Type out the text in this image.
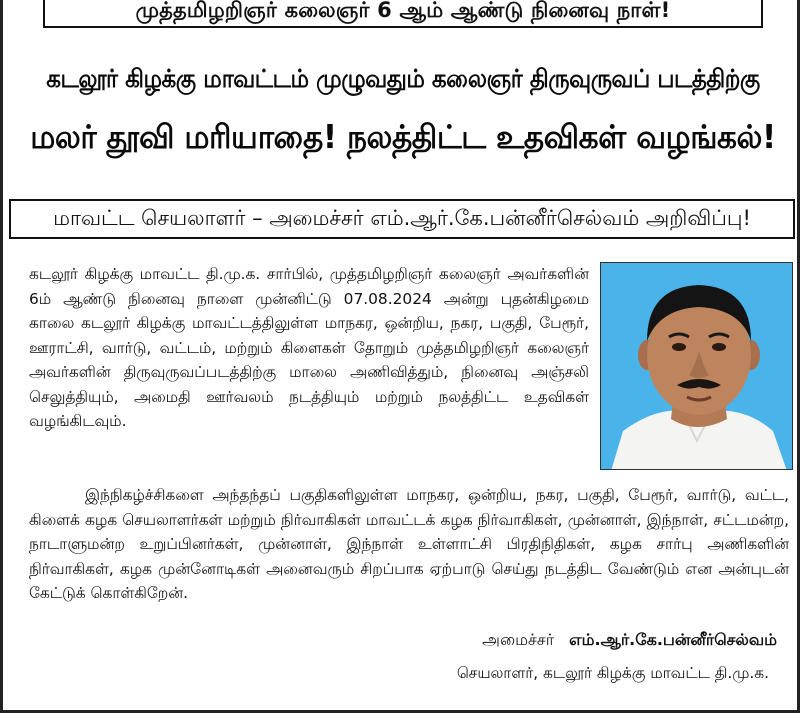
முத்தமிழறிஞர் கலைஞர் 6 ஆம் ஆண்டு நினைவு நாள்!
கடலூர் கிழக்கு மாவட்டம் முழுவதும் கலைஞர் திருவுருவப் படத்திற்கு
மலர் தூவி மரியாதை! நலத்திட்ட உதவிகள் வழங்கல்!
மாவட்ட செயலாளர் – அமைச்சர் எம்.ஆர்.கே.பன்னீர்செல்வம் அறிவிப்பு!
கடலூர் கிழக்கு மாவட்ட தி.மு.க. சார்பில், முத்தமிழறிஞர் கலைஞர் அவர்களின் 6ம் ஆண்டு நினைவு நாளை முன்னிட்டு 07.08.2024 அன்று புதன்கிழமை காலை கடலூர் கிழக்கு மாவட்டத்திலுள்ள மாநகர, ஒன்றிய, நகர, பகுதி, பேரூர், ஊராட்சி, வார்டு, வட்டம், மற்றும் கிளைகள் தோறும் முத்தமிழறிஞர் கலைஞர் அவர்களின் திருவுருவப்படத்திற்கு மாலை அணிவித்தும், நினைவு அஞ்சலி செலுத்தியும், அமைதி ஊர்வலம் நடத்தியும் மற்றும் நலத்திட்ட உதவிகள் வழங்கிடவும்.
இந்நிகழ்ச்சிகளை அந்தந்தப் பகுதிகளிலுள்ள மாநகர, ஒன்றிய, நகர, பகுதி, பேரூர், வார்டு, வட்ட, கிளைக் கழக செயலாளர்கள் மற்றும் நிர்வாகிகள் மாவட்டக் கழக நிர்வாகிகள், முன்னாள், இந்நாள், சட்டமன்ற, நாடாளுமன்ற உறுப்பினர்கள், முன்னாள், இந்நாள் உள்ளாட்சி பிரதிநிதிகள், கழக சார்பு அணிகளின் நிர்வாகிகள், கழக முன்னோடிகள் அனைவரும் சிறப்பாக ஏற்பாடு செய்து நடத்திட வேண்டும் என அன்புடன் கேட்டுக் கொள்கிறேன்.
அமைச்சர் எம்.ஆர்.கே.பன்னீர்செல்வம்
செயலாளர், கடலூர் கிழக்கு மாவட்ட தி.மு.க.
